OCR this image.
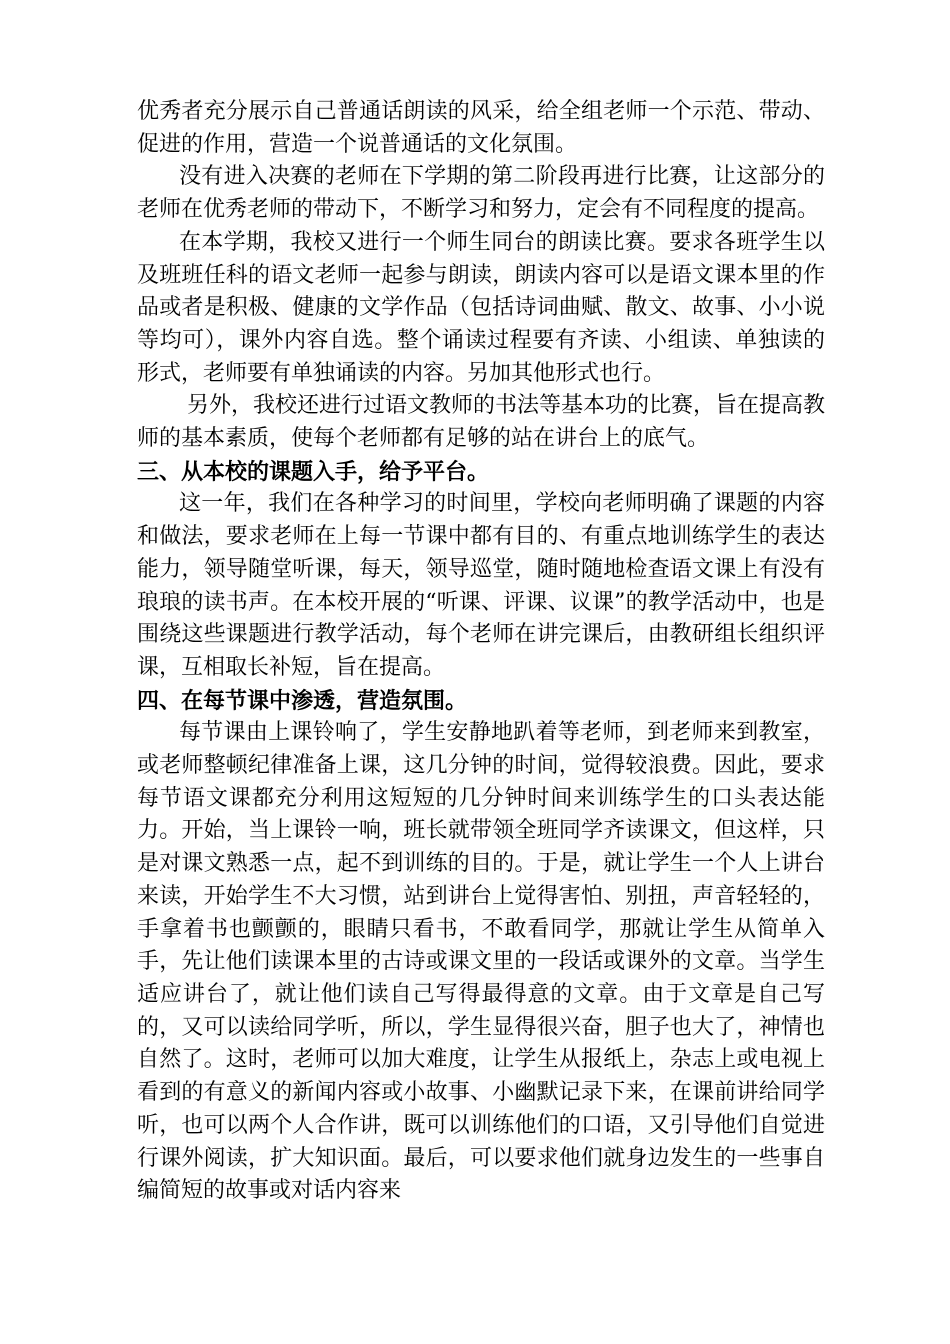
优秀者充分展示自己普通话朗读的风采，给全组老师一个示范、带动、促进的作用，营造一个说普通话的文化氛围。

没有进入决赛的老师在下学期的第二阶段再进行比赛，让这部分的老师在优秀老师的带动下，不断学习和努力，定会有不同程度的提高。

在本学期，我校又进行一个师生同台的朗读比赛。要求各班学生以及班班任科的语文老师一起参与朗读，朗读内容可以是语文课本里的作品或者是积极、健康的文学作品（包括诗词曲赋、散文、故事、小小说等均可），课外内容自选。整个诵读过程要有齐读、小组读、单独读的形式，老师要有单独诵读的内容。另加其他形式也行。

另外，我校还进行过语文教师的书法等基本功的比赛，旨在提高教师的基本素质，使每个老师都有足够的站在讲台上的底气。

三、从本校的课题入手，给予平台。

这一年，我们在各种学习的时间里，学校向老师明确了课题的内容和做法，要求老师在上每一节课中都有目的、有重点地训练学生的表达能力，领导随堂听课，每天，领导巡堂，随时随地检查语文课上有没有琅琅的读书声。在本校开展的“听课、评课、议课”的教学活动中，也是围绕这些课题进行教学活动，每个老师在讲完课后，由教研组长组织评课，互相取长补短，旨在提高。

四、在每节课中渗透，营造氛围。

每节课由上课铃响了，学生安静地趴着等老师，到老师来到教室，或老师整顿纪律准备上课，这几分钟的时间，觉得较浪费。因此，要求每节语文课都充分利用这短短的几分钟时间来训练学生的口头表达能力。开始，当上课铃一响，班长就带领全班同学齐读课文，但这样，只是对课文熟悉一点，起不到训练的目的。于是，就让学生一个人上讲台来读，开始学生不大习惯，站到讲台上觉得害怕、别扭，声音轻轻的，手拿着书也颤颤的，眼睛只看书，不敢看同学，那就让学生从简单入手，先让他们读课本里的古诗或课文里的一段话或课外的文章。当学生适应讲台了，就让他们读自己写得最得意的文章。由于文章是自己写的，又可以读给同学听，所以，学生显得很兴奋，胆子也大了，神情也自然了。这时，老师可以加大难度，让学生从报纸上，杂志上或电视上看到的有意义的新闻内容或小故事、小幽默记录下来，在课前讲给同学听，也可以两个人合作讲，既可以训练他们的口语，又引导他们自觉进行课外阅读，扩大知识面。最后，可以要求他们就身边发生的一些事自编简短的故事或对话内容来
